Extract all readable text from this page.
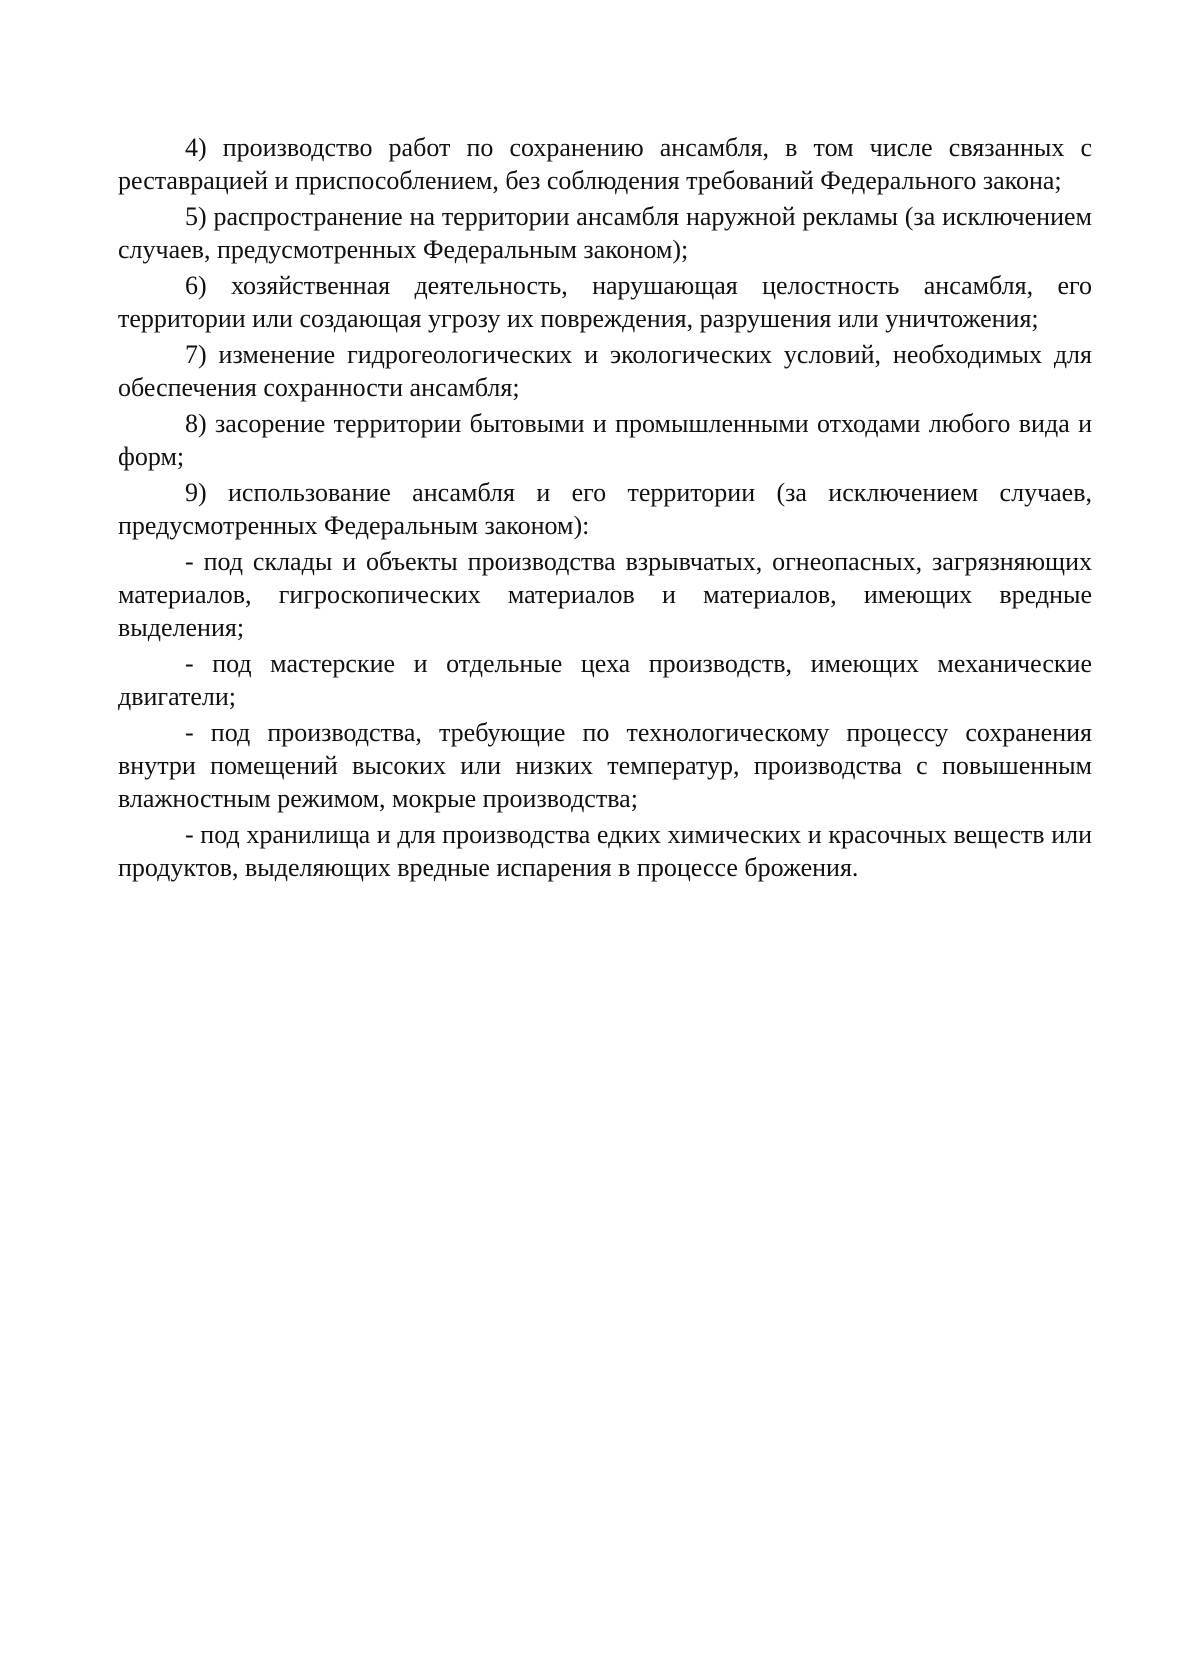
4) производство работ по сохранению ансамбля, в том числе связанных с реставрацией и приспособлением, без соблюдения требований Федерального закона;

5) распространение на территории ансамбля наружной рекламы (за исключением случаев, предусмотренных Федеральным законом);

6) хозяйственная деятельность, нарушающая целостность ансамбля, его территории или создающая угрозу их повреждения, разрушения или уничтожения;

7) изменение гидрогеологических и экологических условий, необходимых для обеспечения сохранности ансамбля;

8) засорение территории бытовыми и промышленными отходами любого вида и форм;

9) использование ансамбля и его территории (за исключением случаев, предусмотренных Федеральным законом):

- под склады и объекты производства взрывчатых, огнеопасных, загрязняющих материалов, гигроскопических материалов и материалов, имеющих вредные выделения;

- под мастерские и отдельные цеха производств, имеющих механические двигатели;

- под производства, требующие по технологическому процессу сохранения внутри помещений высоких или низких температур, производства с повышенным влажностным режимом, мокрые производства;

- под хранилища и для производства едких химических и красочных веществ или продуктов, выделяющих вредные испарения в процессе брожения.
